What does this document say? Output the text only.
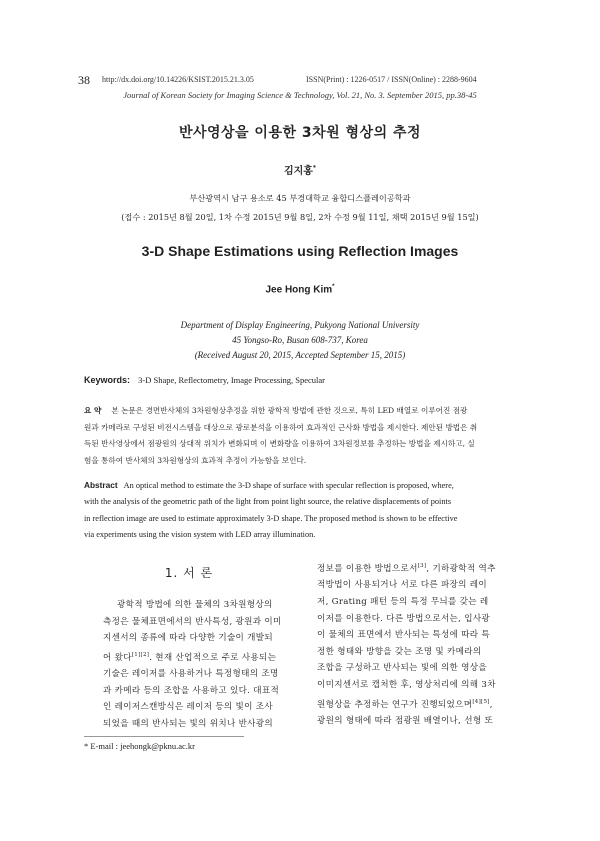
38 http://dx.doi.org/10.14226/KSIST.2015.21.3.05	ISSN(Print) : 1226-0517 / ISSN(Online) : 2288-9604
Journal of Korean Society for Imaging Science & Technology, Vol. 21, No. 3. September 2015, pp.38-45
반사영상을 이용한 3차원 형상의 추정
김지홍*
부산광역시 남구 용소로 45 부경대학교 융합디스플레이공학과
(접수 : 2015년 8월 20일, 1차 수정 2015년 9월 8일, 2차 수정 9월 11일, 채택 2015년 9월 15일)
3-D Shape Estimations using Reflection Images
Jee Hong Kim*
Department of Display Engineering, Pukyong National University
45 Yongso-Ro, Busan 608-737, Korea
(Received August 20, 2015, Accepted September 15, 2015)
Keywords: 3-D Shape, Reflectometry, Image Processing, Specular
요 약 본 논문은 경면반사체의 3차원형상추정을 위한 광학적 방법에 관한 것으로, 특히 LED 배열로 이루어진 점광
원과 카메라로 구성된 비전시스템을 대상으로 광로분석을 이용하여 효과적인 근사화 방법을 제시한다. 제안된 방법은 취
득된 반사영상에서 점광원의 상대적 위치가 변화되며 이 변화량을 이용하여 3차원정보를 추정하는 방법을 제시하고, 실
험을 통하여 반사체의 3차원형상의 효과적 추정이 가능함을 보인다.
Abstract An optical method to estimate the 3-D shape of surface with specular reflection is proposed, where,
with the analysis of the geometric path of the light from point light source, the relative displacements of points
in reflection image are used to estimate approximately 3-D shape. The proposed method is shown to be effective
via experiments using the vision system with LED array illumination.
1. 서 론
광학적 방법에 의한 물체의 3차원형상의
측정은 물체표면에서의 반사특성, 광원과 이미
지센서의 종류에 따라 다양한 기술이 개발되
어 왔다[1][2]. 현재 산업적으로 주로 사용되는
기술은 레이저를 사용하거나 특정형태의 조명
과 카메라 등의 조합을 사용하고 있다. 대표적
인 레이저스캔방식은 레이저 등의 빛이 조사
되었을 때의 반사되는 빛의 위치나 반사광의
정보를 이용한 방법으로서[3], 기하광학적 역추
적방법이 사용되거나 서로 다른 파장의 레이
저, Grating 패턴 등의 특정 무늬를 갖는 레
이저를 이용한다. 다른 방법으로서는, 입사광
이 물체의 표면에서 반사되는 특성에 따라 특
정한 형태와 방향을 갖는 조명 및 카메라의
조합을 구성하고 반사되는 빛에 의한 영상을
이미지센서로 캡처한 후, 영상처리에 의해 3차
원형상을 추정하는 연구가 진행되었으며[4][5],
광원의 형태에 따라 점광원 배열이나, 선형 또
* E-mail : jeehongk@pknu.ac.kr
